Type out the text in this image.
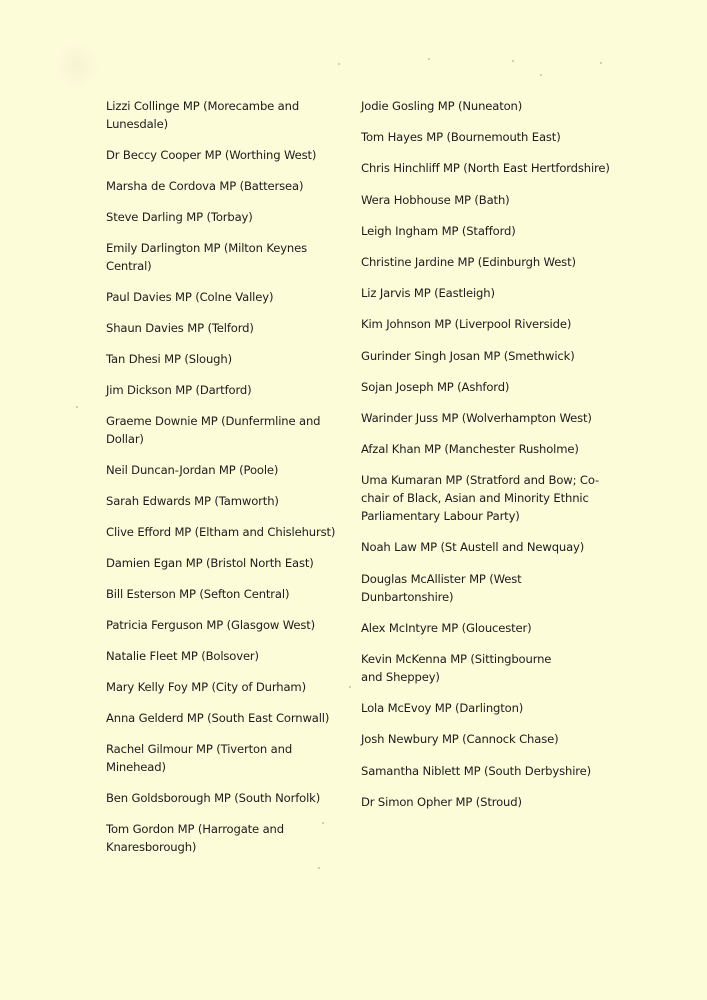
Lizzi Collinge MP (Morecambe and Lunesdale)
Dr Beccy Cooper MP (Worthing West)
Marsha de Cordova MP (Battersea)
Steve Darling MP (Torbay)
Emily Darlington MP (Milton Keynes Central)
Paul Davies MP (Colne Valley)
Shaun Davies MP (Telford)
Tan Dhesi MP (Slough)
Jim Dickson MP (Dartford)
Graeme Downie MP (Dunfermline and Dollar)
Neil Duncan-Jordan MP (Poole)
Sarah Edwards MP (Tamworth)
Clive Efford MP (Eltham and Chislehurst)
Damien Egan MP (Bristol North East)
Bill Esterson MP (Sefton Central)
Patricia Ferguson MP (Glasgow West)
Natalie Fleet MP (Bolsover)
Mary Kelly Foy MP (City of Durham)
Anna Gelderd MP (South East Cornwall)
Rachel Gilmour MP (Tiverton and Minehead)
Ben Goldsborough MP (South Norfolk)
Tom Gordon MP (Harrogate and Knaresborough)
Jodie Gosling MP (Nuneaton)
Tom Hayes MP (Bournemouth East)
Chris Hinchliff MP (North East Hertfordshire)
Wera Hobhouse MP (Bath)
Leigh Ingham MP (Stafford)
Christine Jardine MP (Edinburgh West)
Liz Jarvis MP (Eastleigh)
Kim Johnson MP (Liverpool Riverside)
Gurinder Singh Josan MP (Smethwick)
Sojan Joseph MP (Ashford)
Warinder Juss MP (Wolverhampton West)
Afzal Khan MP (Manchester Rusholme)
Uma Kumaran MP (Stratford and Bow; Co-chair of Black, Asian and Minority Ethnic Parliamentary Labour Party)
Noah Law MP (St Austell and Newquay)
Douglas McAllister MP (West Dunbartonshire)
Alex McIntyre MP (Gloucester)
Kevin McKenna MP (Sittingbourne and Sheppey)
Lola McEvoy MP (Darlington)
Josh Newbury MP (Cannock Chase)
Samantha Niblett MP (South Derbyshire)
Dr Simon Opher MP (Stroud)
